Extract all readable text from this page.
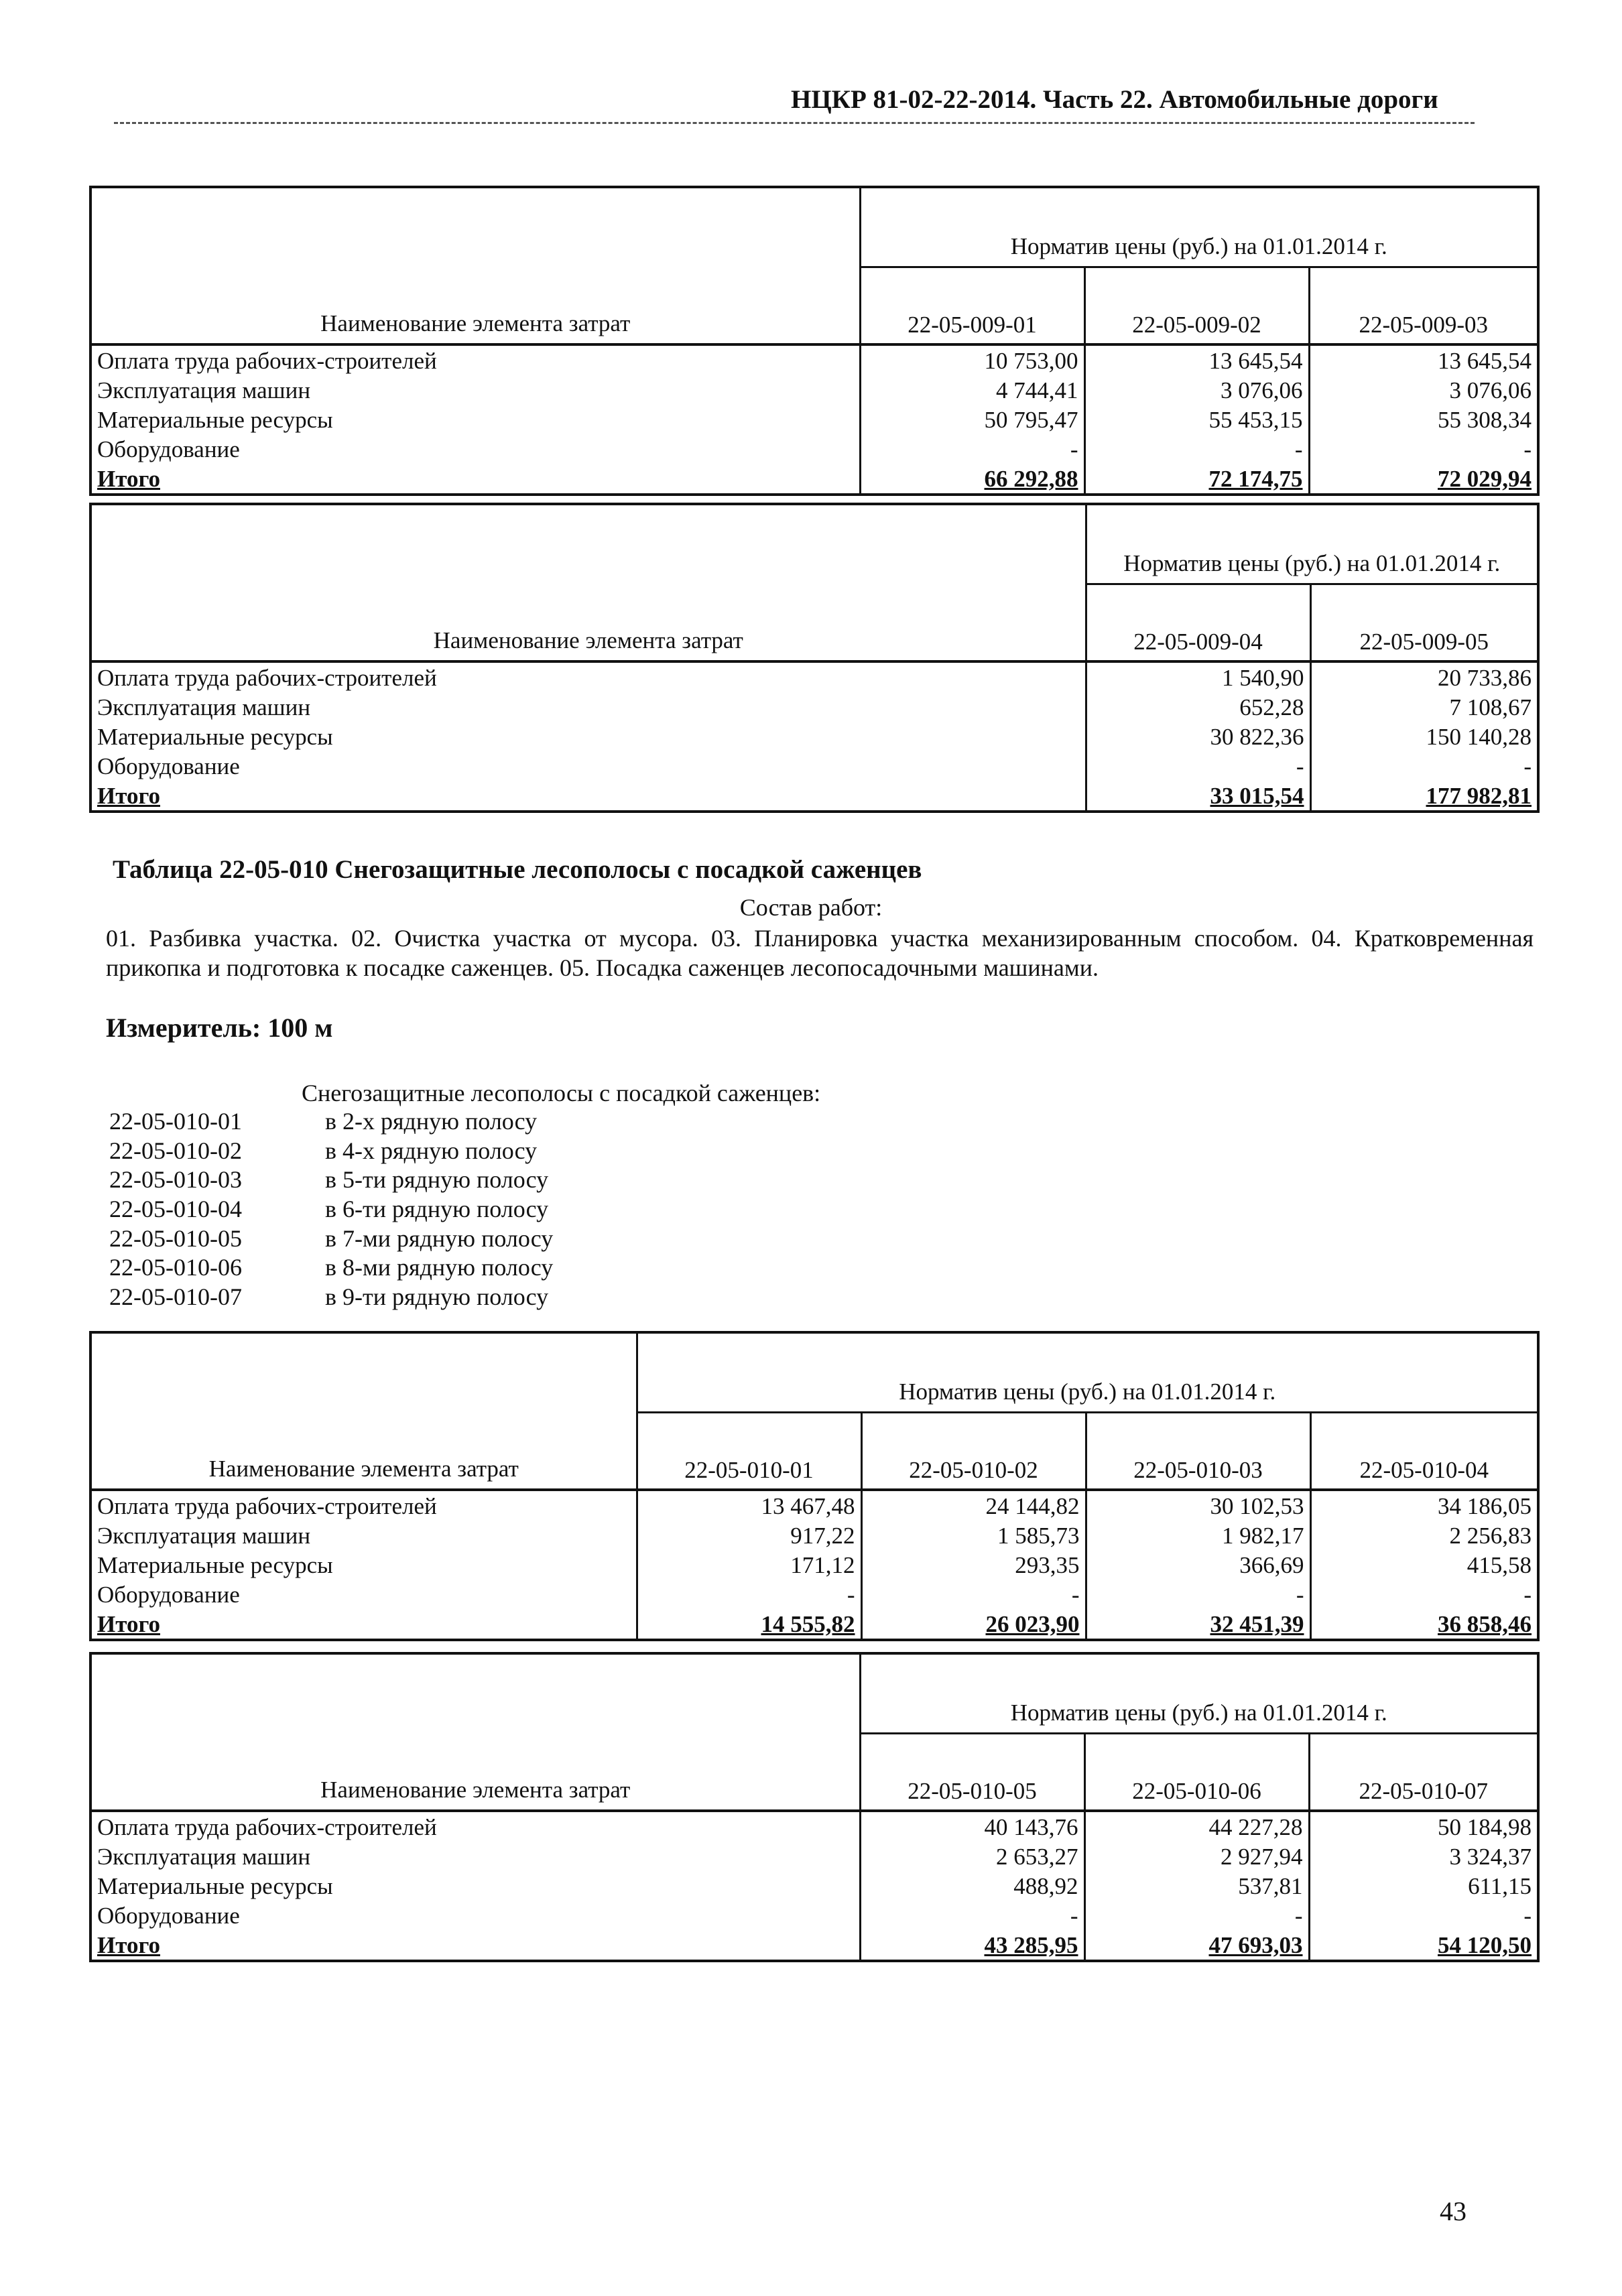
НЦКР 81-02-22-2014. Часть 22. Автомобильные дороги
Наименование элемента затрат	Норматив цены (руб.) на 01.01.2014 г.		
	22-05-009-01	22-05-009-02	22-05-009-03
Оплата труда рабочих-строителей	10 753,00	13 645,54	13 645,54
Эксплуатация машин	4 744,41	3 076,06	3 076,06
Материальные ресурсы	50 795,47	55 453,15	55 308,34
Оборудование	-	-	-
Итого	66 292,88	72 174,75	72 029,94
Наименование элемента затрат	Норматив цены (руб.) на 01.01.2014 г.	
	22-05-009-04	22-05-009-05
Оплата труда рабочих-строителей	1 540,90	20 733,86
Эксплуатация машин	652,28	7 108,67
Материальные ресурсы	30 822,36	150 140,28
Оборудование	-	-
Итого	33 015,54	177 982,81
Таблица 22-05-010 Снегозащитные лесополосы с посадкой саженцев
Состав работ:
01. Разбивка участка. 02. Очистка участка от мусора. 03. Планировка участка механизированным способом. 04. Кратковременная прикопка и подготовка к посадке саженцев. 05. Посадка саженцев лесопосадочными машинами.
Измеритель: 100 м
Снегозащитные лесополосы с посадкой саженцев:
22-05-010-01	в 2-х рядную полосу
22-05-010-02	в 4-х рядную полосу
22-05-010-03	в 5-ти рядную полосу
22-05-010-04	в 6-ти рядную полосу
22-05-010-05	в 7-ми рядную полосу
22-05-010-06	в 8-ми рядную полосу
22-05-010-07	в 9-ти рядную полосу
Наименование элемента затрат	Норматив цены (руб.) на 01.01.2014 г.			
	22-05-010-01	22-05-010-02	22-05-010-03	22-05-010-04
Оплата труда рабочих-строителей	13 467,48	24 144,82	30 102,53	34 186,05
Эксплуатация машин	917,22	1 585,73	1 982,17	2 256,83
Материальные ресурсы	171,12	293,35	366,69	415,58
Оборудование	-	-	-	-
Итого	14 555,82	26 023,90	32 451,39	36 858,46
Наименование элемента затрат	Норматив цены (руб.) на 01.01.2014 г.		
	22-05-010-05	22-05-010-06	22-05-010-07
Оплата труда рабочих-строителей	40 143,76	44 227,28	50 184,98
Эксплуатация машин	2 653,27	2 927,94	3 324,37
Материальные ресурсы	488,92	537,81	611,15
Оборудование	-	-	-
Итого	43 285,95	47 693,03	54 120,50
43
